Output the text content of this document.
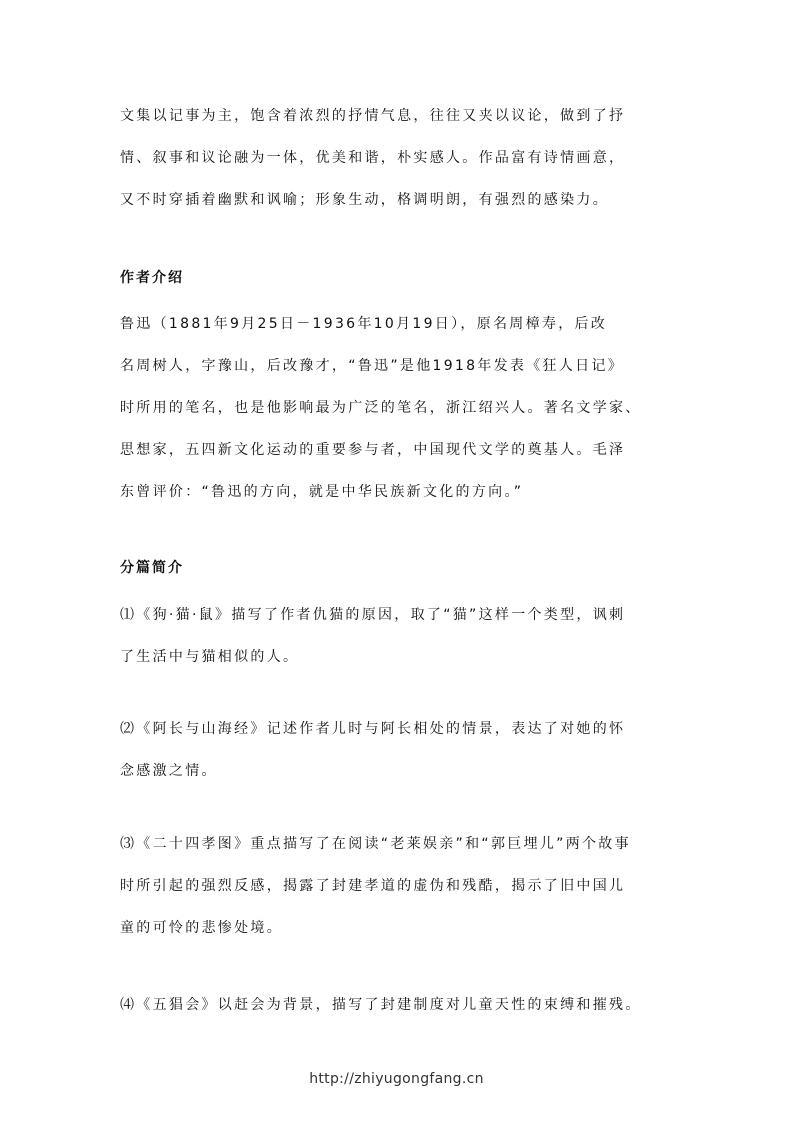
文集以记事为主，饱含着浓烈的抒情气息，往往又夹以议论，做到了抒
情、叙事和议论融为一体，优美和谐，朴实感人。作品富有诗情画意，
又不时穿插着幽默和讽喻；形象生动，格调明朗，有强烈的感染力。
作者介绍
鲁迅（1881年9月25日－1936年10月19日），原名周樟寿，后改
名周树人，字豫山，后改豫才，“鲁迅”是他1918年发表《狂人日记》
时所用的笔名，也是他影响最为广泛的笔名，浙江绍兴人。著名文学家、
思想家，五四新文化运动的重要参与者，中国现代文学的奠基人。毛泽
东曾评价：“鲁迅的方向，就是中华民族新文化的方向。”
分篇简介
⑴《狗·猫·鼠》描写了作者仇猫的原因，取了“猫”这样一个类型，讽刺
了生活中与猫相似的人。
⑵《阿长与山海经》记述作者儿时与阿长相处的情景，表达了对她的怀
念感激之情。
⑶《二十四孝图》重点描写了在阅读“老莱娱亲”和“郭巨埋儿”两个故事
时所引起的强烈反感，揭露了封建孝道的虚伪和残酷，揭示了旧中国儿
童的可怜的悲惨处境。
⑷《五猖会》以赶会为背景，描写了封建制度对儿童天性的束缚和摧残。
http://zhiyugongfang.cn
